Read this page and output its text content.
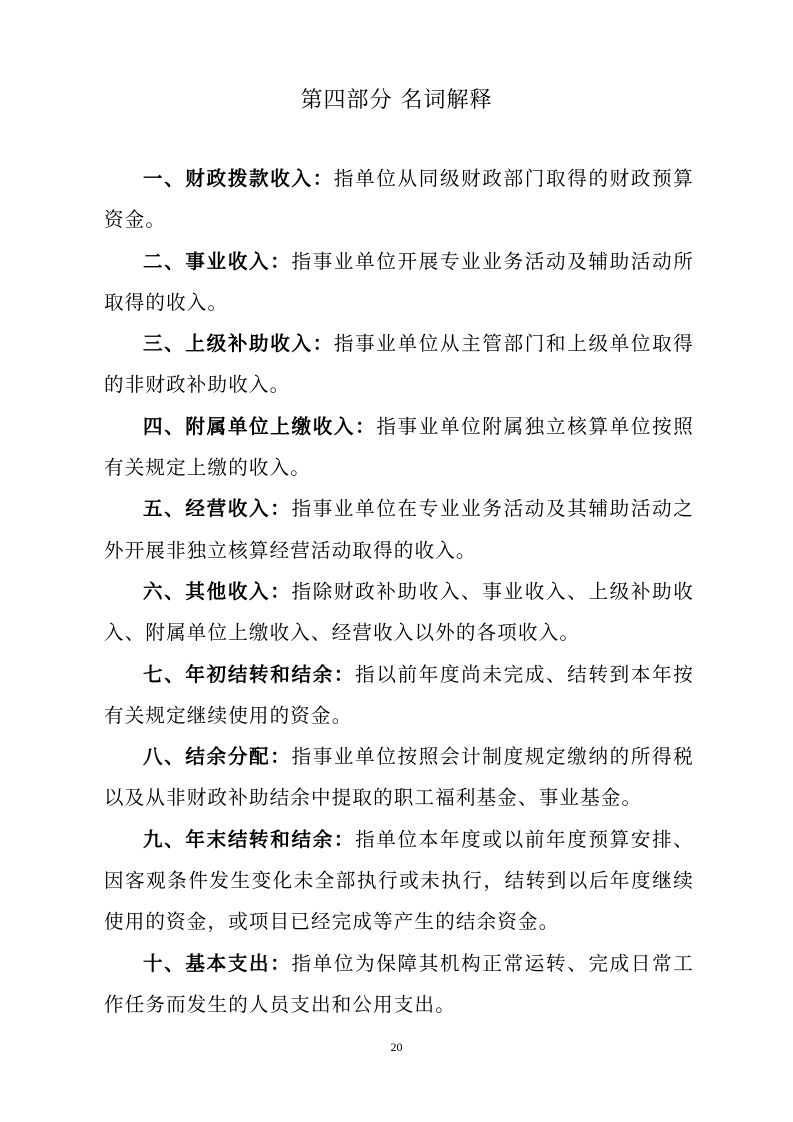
第四部分 名词解释

一、财政拨款收入：指单位从同级财政部门取得的财政预算资金。

二、事业收入：指事业单位开展专业业务活动及辅助活动所取得的收入。

三、上级补助收入：指事业单位从主管部门和上级单位取得的非财政补助收入。

四、附属单位上缴收入：指事业单位附属独立核算单位按照有关规定上缴的收入。

五、经营收入：指事业单位在专业业务活动及其辅助活动之外开展非独立核算经营活动取得的收入。

六、其他收入：指除财政补助收入、事业收入、上级补助收入、附属单位上缴收入、经营收入以外的各项收入。

七、年初结转和结余：指以前年度尚未完成、结转到本年按有关规定继续使用的资金。

八、结余分配：指事业单位按照会计制度规定缴纳的所得税以及从非财政补助结余中提取的职工福利基金、事业基金。

九、年末结转和结余：指单位本年度或以前年度预算安排、因客观条件发生变化未全部执行或未执行，结转到以后年度继续使用的资金，或项目已经完成等产生的结余资金。

十、基本支出：指单位为保障其机构正常运转、完成日常工作任务而发生的人员支出和公用支出。

20
